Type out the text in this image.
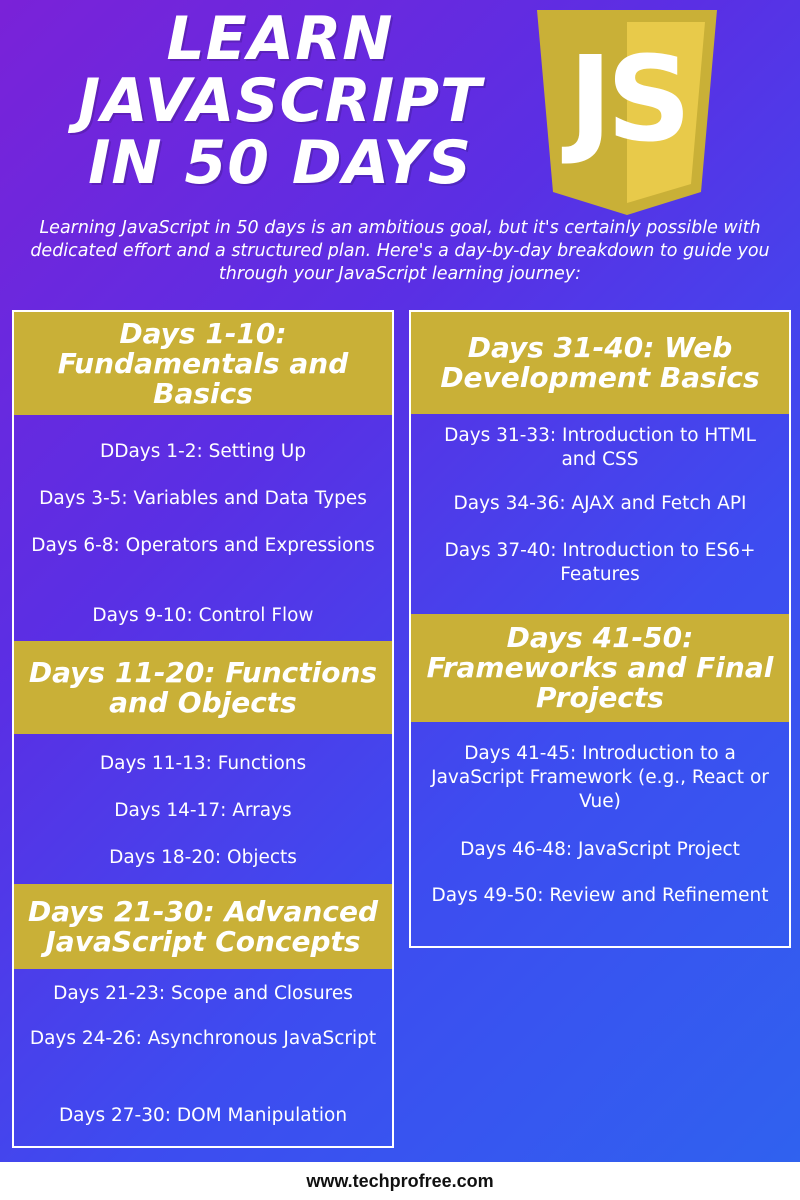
LEARN
JAVASCRIPT
IN 50 DAYS JS
Learning JavaScript in 50 days is an ambitious goal, but it's certainly possible with dedicated effort and a structured plan. Here's a day-by-day breakdown to guide you through your JavaScript learning journey:
Days 1-10: Fundamentals and Basics
DDays 1-2: Setting Up
Days 3-5: Variables and Data Types
Days 6-8: Operators and Expressions
Days 9-10: Control Flow
Days 11-20: Functions and Objects
Days 11-13: Functions
Days 14-17: Arrays
Days 18-20: Objects
Days 21-30: Advanced JavaScript Concepts
Days 21-23: Scope and Closures
Days 24-26: Asynchronous JavaScript
Days 27-30: DOM Manipulation
Days 31-40: Web Development Basics
Days 31-33: Introduction to HTML and CSS
Days 34-36: AJAX and Fetch API
Days 37-40: Introduction to ES6+ Features
Days 41-50: Frameworks and Final Projects
Days 41-45: Introduction to a JavaScript Framework (e.g., React or Vue)
Days 46-48: JavaScript Project
Days 49-50: Review and Refinement
www.techprofree.com
